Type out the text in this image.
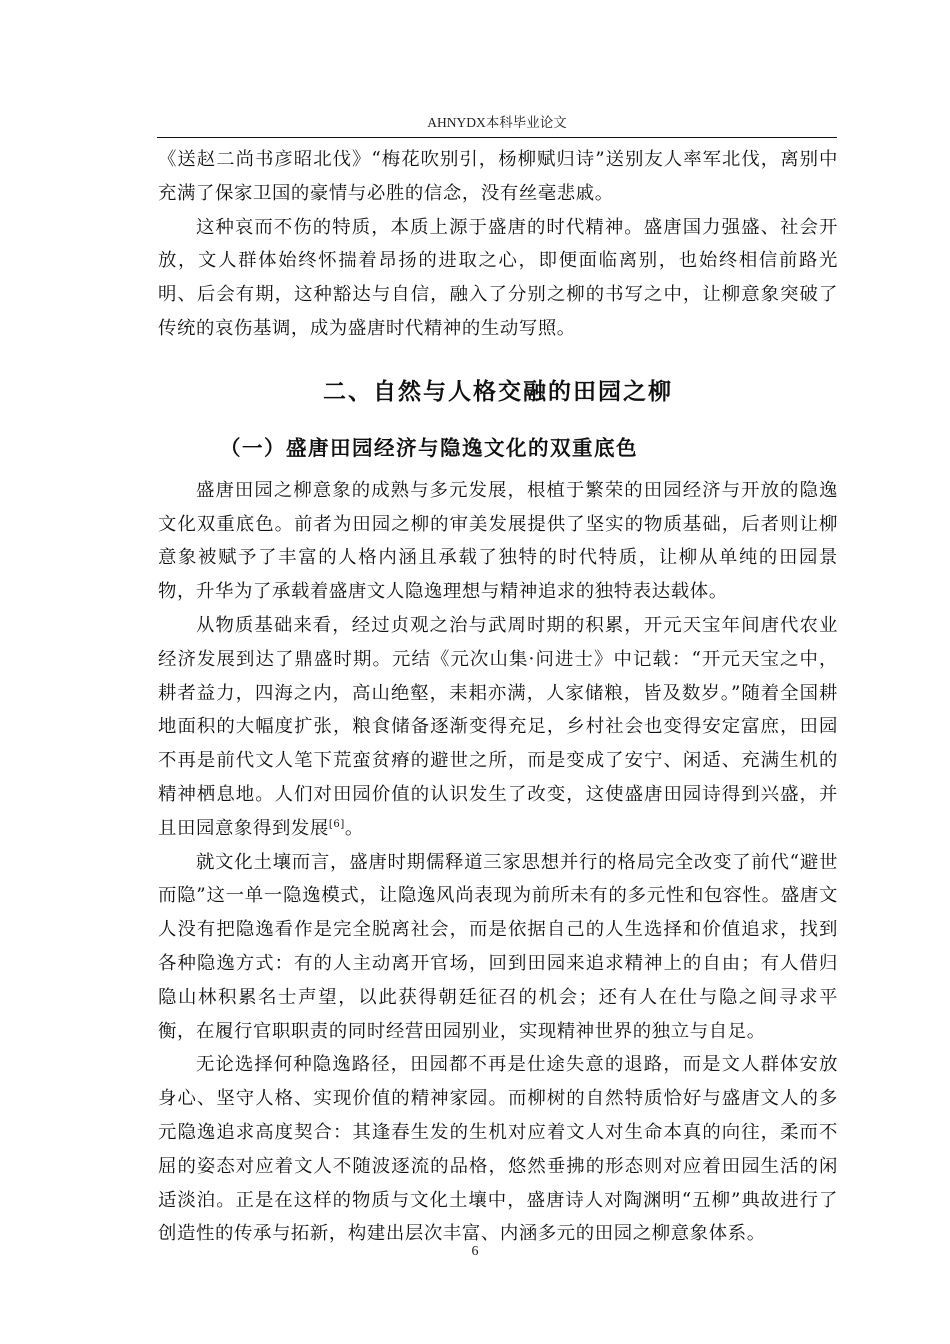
AHNYDX本科毕业论文

《送赵二尚书彦昭北伐》“梅花吹别引，杨柳赋归诗”送别友人率军北伐，离别中充满了保家卫国的豪情与必胜的信念，没有丝毫悲戚。

这种哀而不伤的特质，本质上源于盛唐的时代精神。盛唐国力强盛、社会开放，文人群体始终怀揣着昂扬的进取之心，即便面临离别，也始终相信前路光明、后会有期，这种豁达与自信，融入了分别之柳的书写之中，让柳意象突破了传统的哀伤基调，成为盛唐时代精神的生动写照。

二、自然与人格交融的田园之柳
（一）盛唐田园经济与隐逸文化的双重底色

盛唐田园之柳意象的成熟与多元发展，根植于繁荣的田园经济与开放的隐逸文化双重底色。前者为田园之柳的审美发展提供了坚实的物质基础，后者则让柳意象被赋予了丰富的人格内涵且承载了独特的时代特质，让柳从单纯的田园景物，升华为了承载着盛唐文人隐逸理想与精神追求的独特表达载体。

从物质基础来看，经过贞观之治与武周时期的积累，开元天宝年间唐代农业经济发展到达了鼎盛时期。元结《元次山集·问进士》中记载：“开元天宝之中，耕者益力，四海之内，高山绝壑，耒耜亦满，人家储粮，皆及数岁。”随着全国耕地面积的大幅度扩张，粮食储备逐渐变得充足，乡村社会也变得安定富庶，田园不再是前代文人笔下荒蛮贫瘠的避世之所，而是变成了安宁、闲适、充满生机的精神栖息地。人们对田园价值的认识发生了改变，这使盛唐田园诗得到兴盛，并且田园意象得到发展[6]。

就文化土壤而言，盛唐时期儒释道三家思想并行的格局完全改变了前代“避世而隐”这一单一隐逸模式，让隐逸风尚表现为前所未有的多元性和包容性。盛唐文人没有把隐逸看作是完全脱离社会，而是依据自己的人生选择和价值追求，找到各种隐逸方式：有的人主动离开官场，回到田园来追求精神上的自由；有人借归隐山林积累名士声望，以此获得朝廷征召的机会；还有人在仕与隐之间寻求平衡，在履行官职职责的同时经营田园别业，实现精神世界的独立与自足。

无论选择何种隐逸路径，田园都不再是仕途失意的退路，而是文人群体安放身心、坚守人格、实现价值的精神家园。而柳树的自然特质恰好与盛唐文人的多元隐逸追求高度契合：其逢春生发的生机对应着文人对生命本真的向往，柔而不屈的姿态对应着文人不随波逐流的品格，悠然垂拂的形态则对应着田园生活的闲适淡泊。正是在这样的物质与文化土壤中，盛唐诗人对陶渊明“五柳”典故进行了创造性的传承与拓新，构建出层次丰富、内涵多元的田园之柳意象体系。

6
